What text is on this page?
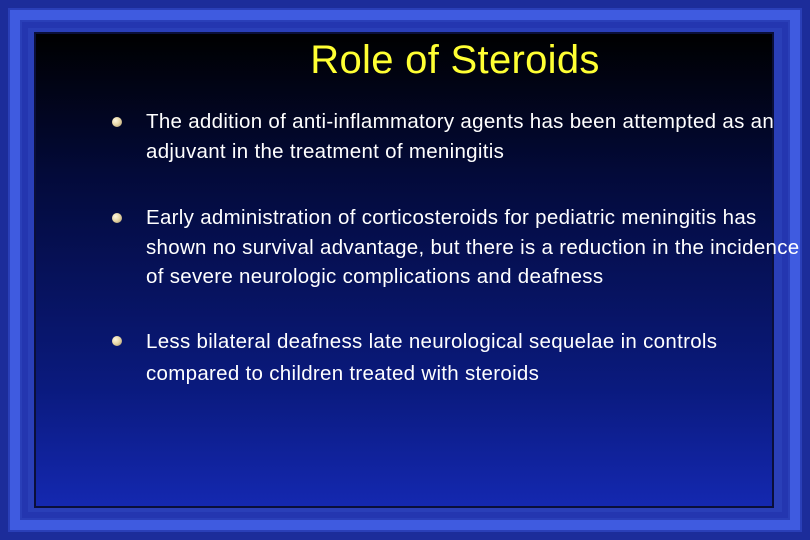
Role of Steroids
The addition of anti-inflammatory agents has been attempted as an adjuvant in the treatment of meningitis
Early administration of corticosteroids for pediatric meningitis has shown no survival advantage, but there is a reduction in the incidence of severe neurologic complications and deafness
Less bilateral deafness late neurological sequelae in controls compared to children treated with steroids
